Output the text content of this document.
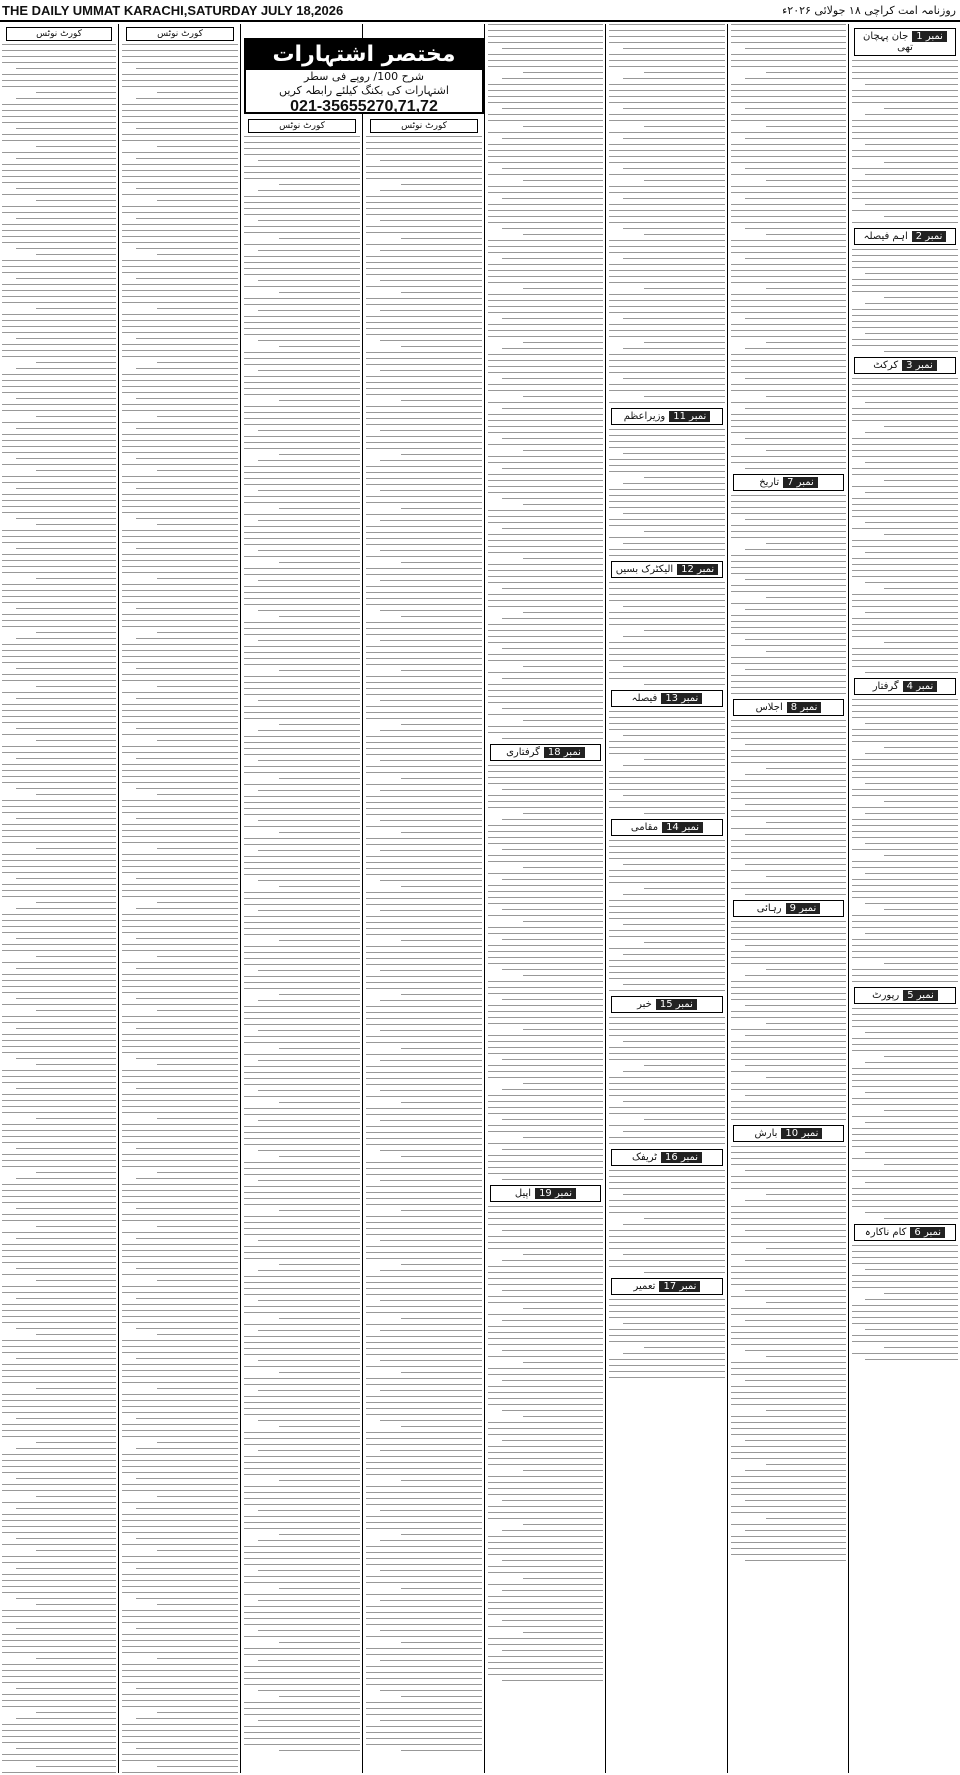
THE DAILY UMMAT KARACHI,SATURDAY JULY 18,2026	روزنامہ امت کراچی ۱۸ جولائی ۲۰۲۶ء
کورٹ نوٹس	کورٹ نوٹس
کورٹ نوٹس	کورٹ نوٹس
مختصر اشتہارات
شرح 100/ روپے فی سطر
اشتہارات کی بکنگ کیلئے رابطہ کریں
021-35655270,71,72
نمبر 18گرفتاری
نمبر 19اپیل
نمبر 11وزیراعظم
نمبر 12الیکٹرک بسیں
نمبر 13فیصلہ
نمبر 14مقامی
نمبر 15خبر
نمبر 16ٹریفک
نمبر 17تعمیر
نمبر 7تاریخ
نمبر 8اجلاس
نمبر 9رہائی
نمبر 10بارش
نمبر 1جان پہچان تھی
نمبر 2اہم فیصلہ
نمبر 3کرکٹ
نمبر 4گرفتار
نمبر 5رپورٹ
نمبر 6کام ناکارہ
